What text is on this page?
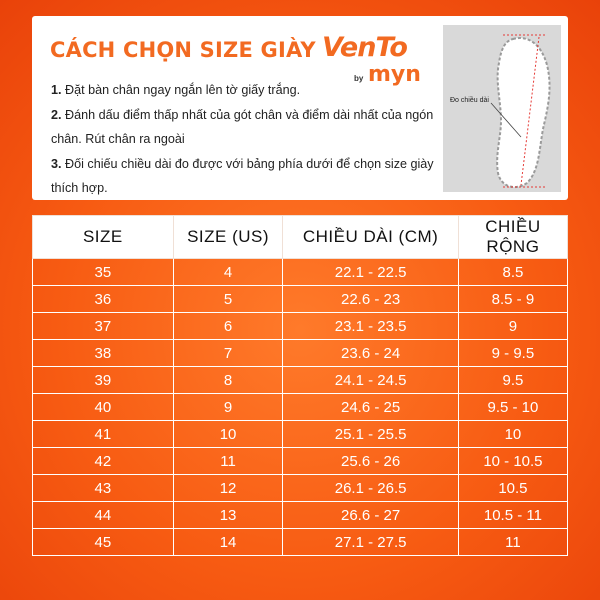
CÁCH CHỌN SIZE GIÀY VenTo
by myn

1. Đặt bàn chân ngay ngắn lên tờ giấy trắng.

2. Đánh dấu điểm thấp nhất của gót chân và điểm dài nhất của ngón chân. Rút chân ra ngoài

3. Đối chiếu chiều dài đo được với bảng phía dưới để chọn size giày thích hợp.

Đo chiều dài
SIZE	SIZE (US)	CHIỀU DÀI (CM)	CHIỀU RỘNG
35	4	22.1 - 22.5	8.5
36	5	22.6 - 23	8.5 - 9
37	6	23.1 - 23.5	9
38	7	23.6 - 24	9 - 9.5
39	8	24.1 - 24.5	9.5
40	9	24.6 - 25	9.5 - 10
41	10	25.1 - 25.5	10
42	11	25.6 - 26	10 - 10.5
43	12	26.1 - 26.5	10.5
44	13	26.6 - 27	10.5 - 11
45	14	27.1 - 27.5	11
